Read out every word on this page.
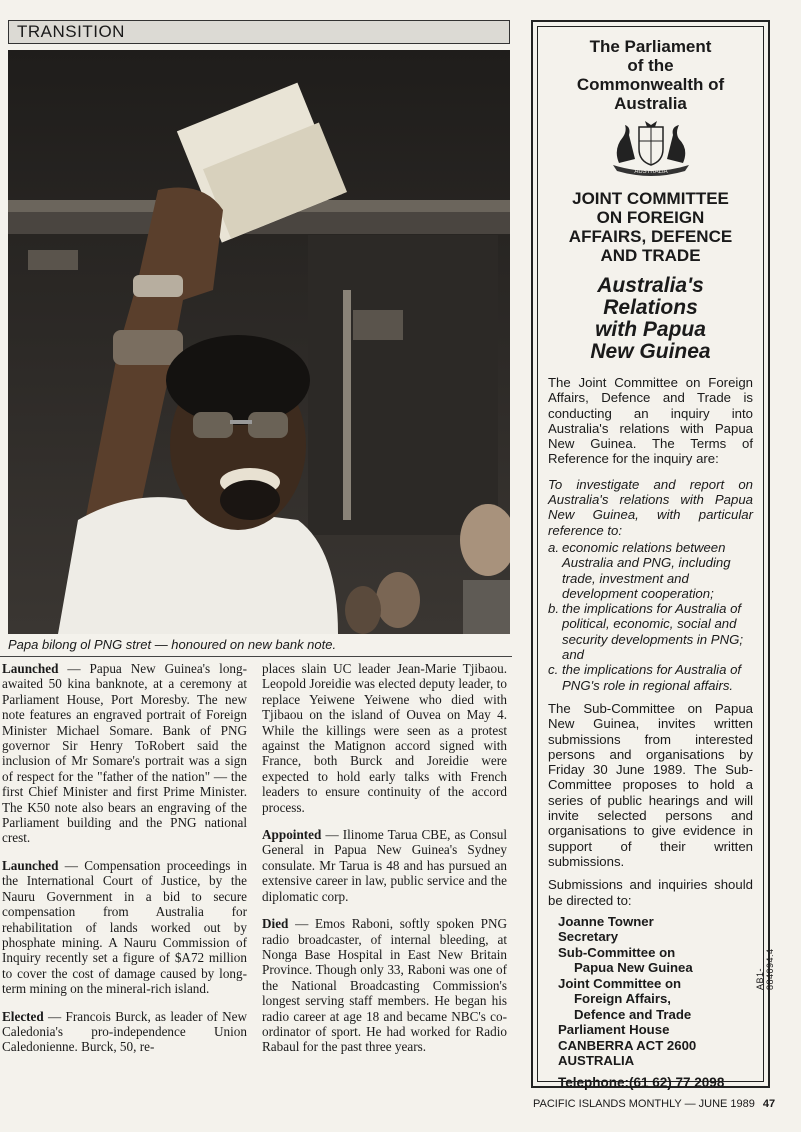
TRANSITION
Papa bilong ol PNG stret — honoured on new bank note.

Launched — Papua New Guinea's long-awaited 50 kina banknote, at a ceremony at Parliament House, Port Moresby. The new note features an engraved portrait of Foreign Minister Michael Somare. Bank of PNG governor Sir Henry ToRobert said the inclusion of Mr Somare's portrait was a sign of respect for the "father of the nation" — the first Chief Minister and first Prime Minister. The K50 note also bears an engraving of the Parliament building and the PNG national crest.

Launched — Compensation proceedings in the International Court of Justice, by the Nauru Government in a bid to secure compensation from Australia for rehabilitation of lands worked out by phosphate mining. A Nauru Commission of Inquiry recently set a figure of $A72 million to cover the cost of damage caused by long-term mining on the mineral-rich island.

Elected — Francois Burck, as leader of New Caledonia's pro-independence Union Caledonienne. Burck, 50, re-

places slain UC leader Jean-Marie Tjibaou. Leopold Joreidie was elected deputy leader, to replace Yeiwene Yeiwene who died with Tjibaou on the island of Ouvea on May 4. While the killings were seen as a protest against the Matignon accord signed with France, both Burck and Joreidie were expected to hold early talks with French leaders to ensure continuity of the accord process.

Appointed — Ilinome Tarua CBE, as Consul General in Papua New Guinea's Sydney consulate. Mr Tarua is 48 and has pursued an extensive career in law, public service and the diplomatic corp.

Died — Emos Raboni, softly spoken PNG radio broadcaster, of internal bleeding, at Nonga Base Hospital in East New Britain Province. Though only 33, Raboni was one of the National Broadcasting Commission's longest serving staff members. He began his radio career at age 18 and became NBC's co-ordinator of sport. He had worked for Radio Rabaul for the past three years.

The Parliament
of the
Commonwealth of
Australia
AUSTRALIA
JOINT COMMITTEE
ON FOREIGN
AFFAIRS, DEFENCE
AND TRADE
Australia's
Relations
with Papua
New Guinea

The Joint Committee on Foreign Affairs, Defence and Trade is conducting an inquiry into Australia's relations with Papua New Guinea. The Terms of Reference for the inquiry are:

To investigate and report on Australia's relations with Papua New Guinea, with particular reference to:

a. economic relations between Australia and PNG, including trade, investment and development cooperation;
b. the implications for Australia of political, economic, social and security developments in PNG; and
c. the implications for Australia of PNG's role in regional affairs.

The Sub-Committee on Papua New Guinea, invites written submissions from interested persons and organisations by Friday 30 June 1989. The Sub-Committee proposes to hold a series of public hearings and will invite selected persons and organisations to give evidence in support of their written submissions.

Submissions and inquiries should be directed to:

Joanne Towner
Secretary
Sub-Committee on
Papua New Guinea
Joint Committee on
Foreign Affairs,
Defence and Trade
Parliament House
CANBERRA ACT 2600
AUSTRALIA
Telephone:(61 62) 77 2098
AB1-884094.4
PACIFIC ISLANDS MONTHLY — JUNE 1989 47
